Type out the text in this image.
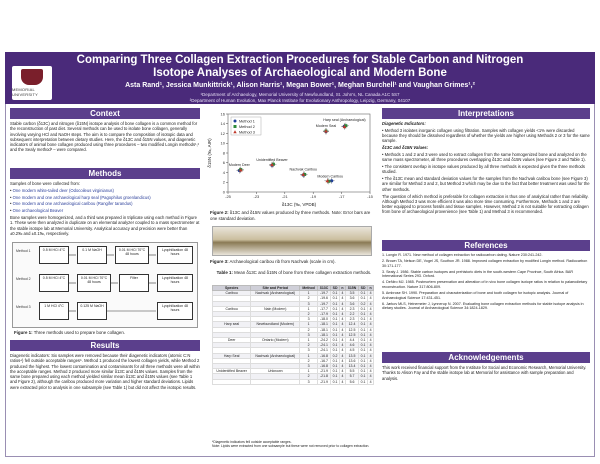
MEMORIAL UNIVERSITY
Comparing Three Collagen Extraction Procedures for Stable Carbon and Nitrogen Isotope Analyses of Archaeological and Modern Bone
Asta Rand¹, Jessica Munkittrick¹, Alison Harris¹, Megan Bower¹, Meghan Burchell¹ and Vaughan Grimes¹,²
¹Department of Archaeology, Memorial University of Newfoundland, St. John's, NL Canada A1C 5S7
²Department of Human Evolution, Max Planck Institute for Evolutionary Anthropology, Leipzig, Germany, 04107
Context

Stable carbon (δ13C) and nitrogen (δ15N) isotope analysis of bone collagen is a common method for the reconstruction of past diet. Several methods can be used to isolate bone collagen, generally involving varying HCl and NaOH steps. The aim is to compare the composition of isotopic data and subsequent interpretation between dietary studies. Here, the δ13C and δ15N values, and diagenetic indicators of animal bone collagen produced using three procedures – two modified Longin methods¹,² and the Sealy method³ – were compared.

Methods

Samples of bone were collected from:

• One modern white-tailed deer (Odocoileus virginianus)

• One modern and one archaeological harp seal (Pagophilus groenlandicus)

• One modern and one archaeological caribou (Rangifer tarandus)

• One archaeological Beaver

Bone samples were homogenized, and a third was prepared in triplicate using each method in Figure 1. These were then analyzed in duplicate on an elemental analyzer coupled to a mass spectrometer at the stable isotope lab at Memorial University. Analytical accuracy and precision were better than ±0.2‰ and ±0.1‰, respectively.

Method 1
Method 2
Method 3
0.5 M HCl 4°C	0.1 M NaOH	0.01 M HCl 70°C 48 hours
Lyophilization 48 hours
0.5 M HCl 4°C	0.01 M HCl 70°C 48 hours
Filter	Lyophilization 48 hours
1 M HCl 4°C	0.125 M NaOH	Lyophilization 48 hours
Figure 1: Three methods used to prepare bone collagen.
Results

Diagenetic indicators: Six samples were removed because their diagenetic indicators (atomic C:N ratios⁴) fell outside acceptable ranges⁵. Method 1 produced the lowest collagen yields, while Method 2 produced the highest. The lowest contamination and contaminants for all three methods were all within the acceptable ranges. Method 2 produced more similar δ13C and δ15N values. Samples from the same bone prepared using each method yielded similar mean δ13C and δ15N values (see Table 1 and Figure 2), although the caribou produced more variation and higher standard deviations. Lipids were extracted prior to analysis in one subsample (see Table 1) but did not affect the isotopic results.

-25	-23	-21	-19	-17	-15
0
2
4
6
8
10
12
14
16
δ13C (‰, VPDB)
δ15N (‰, AIR)
Harp seal (Archaeological)
Modern Seal
Unidentified Beaver
Modern Deer
Nachvak Caribou
Modern Caribou
Method 1
Method 2
Method 3
Figure 2: δ13C and δ15N values produced by three methods. Note: Error bars are one standard deviation.
Figure 3: Archaeological caribou rib from Nachvak (scale in cm).
Table 1: Mean δ13C and δ15N of bone from three collagen extraction methods.
Species	Site and Period	Method	δ13C	SD	n	δ15N	SD	n
Caribou	Nachvak (Archaeological)	1	-19.7	0.1	4	3.5	0.1	4
		2	-19.6	0.1	4	3.6	0.1	4
		3	-19.7	0.1	4	3.6	0.2	4
Caribou	Nain (Modern)	1	-17.7	0.1	4	2.3	0.1	4
		2	-17.9	0.1	4	2.2	0.1	4
		3	-18.0	0.1	4	2.3	0.1	4
Harp seal	Newfoundland (Modern)	1	-18.1	0.1	4	12.4	0.1	4
		2	-18.1	0.1	4	12.5	0.1	4
		3	-18.1	0.1	4	12.5	0.1	4
Deer	Ontario (Modern)	1	-24.2	0.1	4	4.4	0.1	4
		2	-24.1	0.1	4	4.6	0.1	4
		3	-24.1	0.1	4	4.5	0.1	4
Harp Seal	Nachvak (Archaeological)	1	-16.8	0.2	4	13.5	0.1	4
		2	-16.7	0.1	4	13.6	0.1	4
		3	-16.8	0.1	4	13.4	0.1	4
Unidentified Beaver	Unknown	1	-21.9	0.1	4	5.5	0.1	4
		2	-21.8	0.1	4	5.7	0.1	4
		3	-21.9	0.1	4	5.6	0.1	4
*Diagenetic indicators fell outside acceptable ranges.
Note: Lipids were extracted from one subsample but these were not removed prior to collagen extraction.
Interpretations

Diagenetic Indicators:

• Method 3 isolates inorganic collagen using filtration. Samples with collagen yields <1% were discarded because they should be dissolved regardless of whether the yields are higher using Methods 2 or 3 for the same sample.

δ13C and δ15N Values:

• Methods 1 and 2 and 3 were used to extract collagen from the same homogenized bone and analyzed on the same mass spectrometer, all three procedures overlapping δ13C and δ15N values (see Figure 2 and Table 1).

• The consistent overlap in isotope values produced by all three methods is expected given the three methods studied.

• The δ13C mean and standard deviation values for the samples from the Nachvak caribou bone (see Figure 3) are similar for Method 3 and 2, but Method 3 which may be due to the fact that better treatment was used for the other methods.

The question of which method is preferable for collagen extraction is thus one of analytical rather than reliability. Although Method 3 was more efficient it was also more time consuming. Furthermore, Methods 1 and 2 are better equipped to process fossils and tissue samples. However, Method 2 is not suitable for extracting collagen from bone of archaeological provenience (see Table 1) and Method 3 is recommended.

References
1. Longin R. 1971. New method of collagen extraction for radiocarbon dating. Nature 230:241-242.
2. Brown TA, Nelson DE, Vogel JS, Southon JR. 1988. Improved collagen extraction by modified Longin method. Radiocarbon 30:171-177.
3. Sealy J. 1986. Stable carbon isotopes and prehistoric diets in the south-western Cape Province, South Africa. BAR International Series 293. Oxford.
4. DeNiro MJ. 1985. Postmortem preservation and alteration of in vivo bone collagen isotope ratios in relation to palaeodietary reconstruction. Nature 317:806-809.
5. Ambrose SH. 1990. Preparation and characterization of bone and tooth collagen for isotopic analysis. Journal of Archaeological Science 17:431-451.
6. Jørkov MLS, Heinemeier J, Lynnerup N. 2007. Evaluating bone collagen extraction methods for stable isotope analysis in dietary studies. Journal of Archaeological Science 34:1824-1829.
Acknowledgements

This work received financial support from the Institute for Social and Economic Research, Memorial University. Thanks to Alison Fay and the stable isotope lab at Memorial for assistance with sample preparation and analysis.
